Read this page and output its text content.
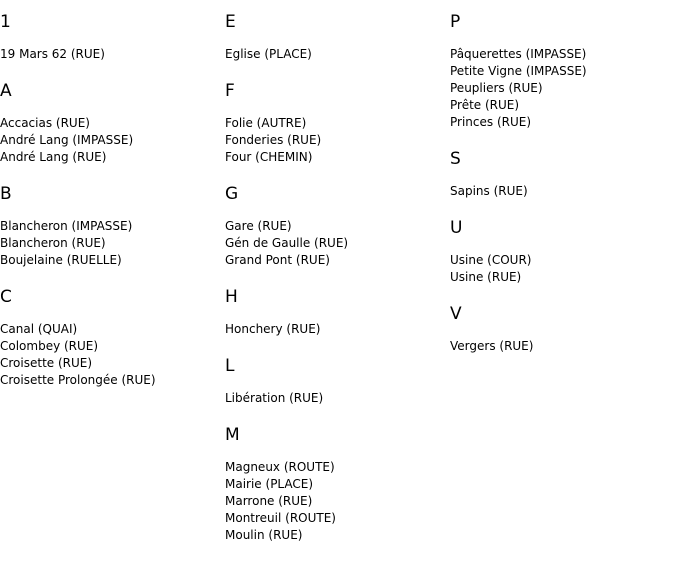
1
19 Mars 62 (RUE)
A
Accacias (RUE)
André Lang (IMPASSE)
André Lang (RUE)
B
Blancheron (IMPASSE)
Blancheron (RUE)
Boujelaine (RUELLE)
C
Canal (QUAI)
Colombey (RUE)
Croisette (RUE)
Croisette Prolongée (RUE)
E
Eglise (PLACE)
F
Folie (AUTRE)
Fonderies (RUE)
Four (CHEMIN)
G
Gare (RUE)
Gén de Gaulle (RUE)
Grand Pont (RUE)
H
Honchery (RUE)
L
Libération (RUE)
M
Magneux (ROUTE)
Mairie (PLACE)
Marrone (RUE)
Montreuil (ROUTE)
Moulin (RUE)
P
Pâquerettes (IMPASSE)
Petite Vigne (IMPASSE)
Peupliers (RUE)
Prête (RUE)
Princes (RUE)
S
Sapins (RUE)
U
Usine (COUR)
Usine (RUE)
V
Vergers (RUE)
